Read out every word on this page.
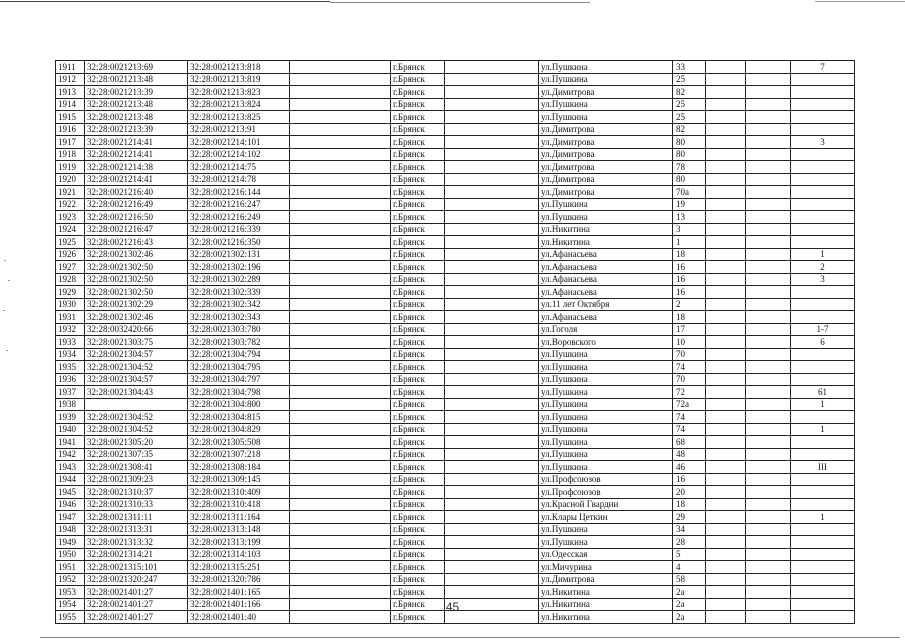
1911	32:28:0021213:69	32:28:0021213:818		г.Брянск		ул.Пушкина	33			7
1912	32:28:0021213:48	32:28:0021213:819		г.Брянск		ул.Пушкина	25			
1913	32:28:0021213:39	32:28:0021213:823		г.Брянск		ул.Димитрова	82			
1914	32:28:0021213:48	32:28:0021213:824		г.Брянск		ул.Пушкина	25			
1915	32:28:0021213:48	32:28:0021213:825		г.Брянск		ул.Пушкина	25			
1916	32:28:0021213:39	32:28:0021213:91		г.Брянск		ул.Димитрова	82			
1917	32:28:0021214:41	32:28:0021214:101		г.Брянск		ул.Димитрова	80			3
1918	32:28:0021214:41	32:28:0021214:102		г.Брянск		ул.Димитрова	80			
1919	32:28:0021214:38	32:28:0021214:75		г.Брянск		ул.Димитрова	78			
1920	32:28:0021214:41	32:28:0021214:78		г.Брянск		ул.Димитрова	80			
1921	32:28:0021216:40	32:28:0021216:144		г.Брянск		ул.Димитрова	70а			
1922	32:28:0021216:49	32:28:0021216:247		г.Брянск		ул.Пушкина	19			
1923	32:28:0021216:50	32:28:0021216:249		г.Брянск		ул.Пушкина	13			
1924	32:28:0021216:47	32:28:0021216:339		г.Брянск		ул.Никитина	3			
1925	32:28:0021216:43	32:28:0021216:350		г.Брянск		ул.Никитина	1			
1926	32:28:0021302:46	32:28:0021302:131		г.Брянск		ул.Афанасьева	18			1
1927	32:28:0021302:50	32:28:0021302:196		г.Брянск		ул.Афанасьева	16			2
1928	32:28:0021302:50	32:28:0021302:289		г.Брянск		ул.Афанасьева	16			3
1929	32:28:0021302:50	32:28:0021302:339		г.Брянск		ул.Афанасьева	16			
1930	32:28:0021302:29	32:28:0021302:342		г.Брянск		ул.11 лет Октября	2			
1931	32:28:0021302:46	32:28:0021302:343		г.Брянск		ул.Афанасьева	18			
1932	32:28:0032420:66	32:28:0021303:780		г.Брянск		ул.Гоголя	17			1-7
1933	32:28:0021303:75	32:28:0021303:782		г.Брянск		ул.Воровского	10			6
1934	32:28:0021304:57	32:28:0021304:794		г.Брянск		ул.Пушкина	70			
1935	32:28:0021304:52	32:28:0021304:795		г.Брянск		ул.Пушкина	74			
1936	32:28:0021304:57	32:28:0021304:797		г.Брянск		ул.Пушкина	70			
1937	32:28:0021304:43	32:28:0021304:798		г.Брянск		ул.Пушкина	72			61
1938		32:28:0021304:800		г.Брянск		ул.Пушкина	72а			1
1939	32:28:0021304:52	32:28:0021304:815		г.Брянск		ул.Пушкина	74			
1940	32:28:0021304:52	32:28:0021304:829		г.Брянск		ул.Пушкина	74			1
1941	32:28:0021305:20	32:28:0021305:508		г.Брянск		ул.Пушкина	68			
1942	32:28:0021307:35	32:28:0021307:218		г.Брянск		ул.Пушкина	48			
1943	32:28:0021308:41	32:28:0021308:184		г.Брянск		ул.Пушкина	46			III
1944	32:28:0021309:23	32:28:0021309:145		г.Брянск		ул.Профсоюзов	16			
1945	32:28:0021310:37	32:28:0021310:409		г.Брянск		ул.Профсоюзов	20			
1946	32:28:0021310:33	32:28:0021310:418		г.Брянск		ул.Красной Гвардии	18			
1947	32:28:0021311:11	32:28:0021311:164		г.Брянск		ул.Клары Цеткин	29			1
1948	32:28:0021313:31	32:28:0021313:148		г.Брянск		ул.Пушкина	34			
1949	32:28:0021313:32	32:28:0021313:199		г.Брянск		ул.Пушкина	28			
1950	32:28:0021314:21	32:28:0021314:103		г.Брянск		ул.Одесская	5			
1951	32:28:0021315:101	32:28:0021315:251		г.Брянск		ул.Мичурина	4			
1952	32:28:0021320:247	32:28:0021320:786		г.Брянск		ул.Димитрова	58			
1953	32:28:0021401:27	32:28:0021401:165		г.Брянск		ул.Никитина	2а			
1954	32:28:0021401:27	32:28:0021401:166		г.Брянск		ул.Никитина	2а			
1955	32:28:0021401:27	32:28:0021401:40		г.Брянск		ул.Никитина	2а			
45
